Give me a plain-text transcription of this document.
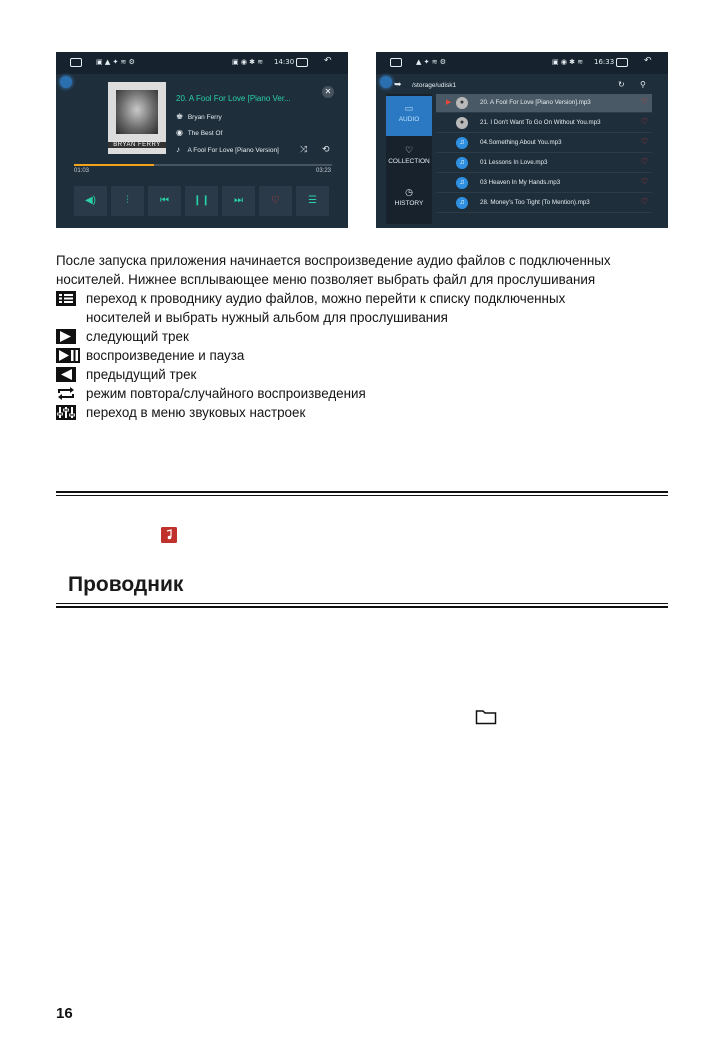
▣ ▲ ✦ ≋ ⚙	▣ ◉ ✱ ≋ 14:30	↶
BRYAN FERRY
20. A Fool For Love [Piano Ver...
✕
♚ Bryan Ferry
◉ The Best Of
♪ A Fool For Love [Piano Version] ⤨ ⟲
01:03	03:23
◀)	⫶	⏮	❙❙	⏭	♡	☰
▲ ✦ ≋ ⚙	▣ ◉ ✱ ≋ 16:33	↶
➥ /storage/udisk1	↻ ⚲
▭
AUDIO
♡
COLLECTION
◷
HISTORY
▶	●	20. A Fool For Love [Piano Version].mp3	♡
●	21. I Don't Want To Go On Without You.mp3	♡
♫	04.Something About You.mp3	♡
♫	01 Lessons In Love.mp3	♡
♫	03 Heaven In My Hands.mp3	♡
♫	28. Money's Too Tight (To Mention).mp3	♡
После запуска приложения начинается воспроизведение аудио файлов с подключенных
носителей. Нижнее всплывающее меню позволяет выбрать файл для прослушивания
переход к проводнику аудио файлов, можно перейти к списку подключенных
носителей и выбрать нужный альбом для прослушивания
следующий трек
воспроизведение и пауза
предыдущий трек
режим повтора/случайного воспроизведения
переход в меню звуковых настроек
Проводник
16
